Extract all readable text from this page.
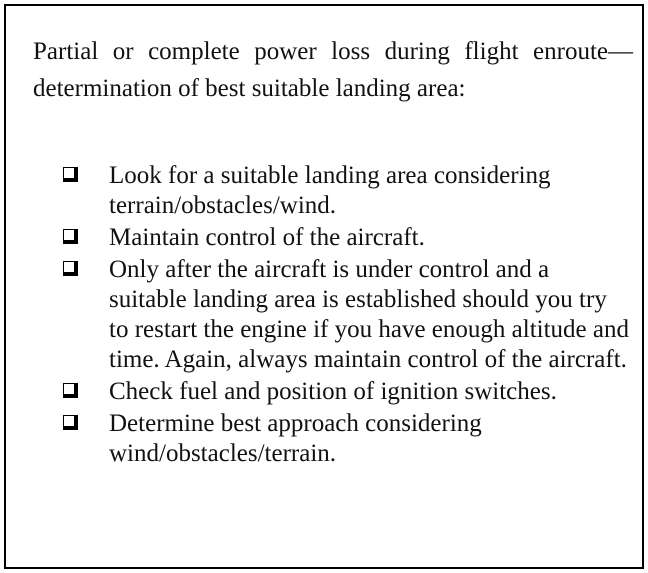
Partial or complete power loss during flight enroute—determination of best suitable landing area:

Look for a suitable landing area considering terrain/obstacles/wind.
Maintain control of the aircraft.
Only after the aircraft is under control and a suitable landing area is established should you try to restart the engine if you have enough altitude and time. Again, always maintain control of the aircraft.
Check fuel and position of ignition switches.
Determine best approach considering wind/obstacles/terrain.
